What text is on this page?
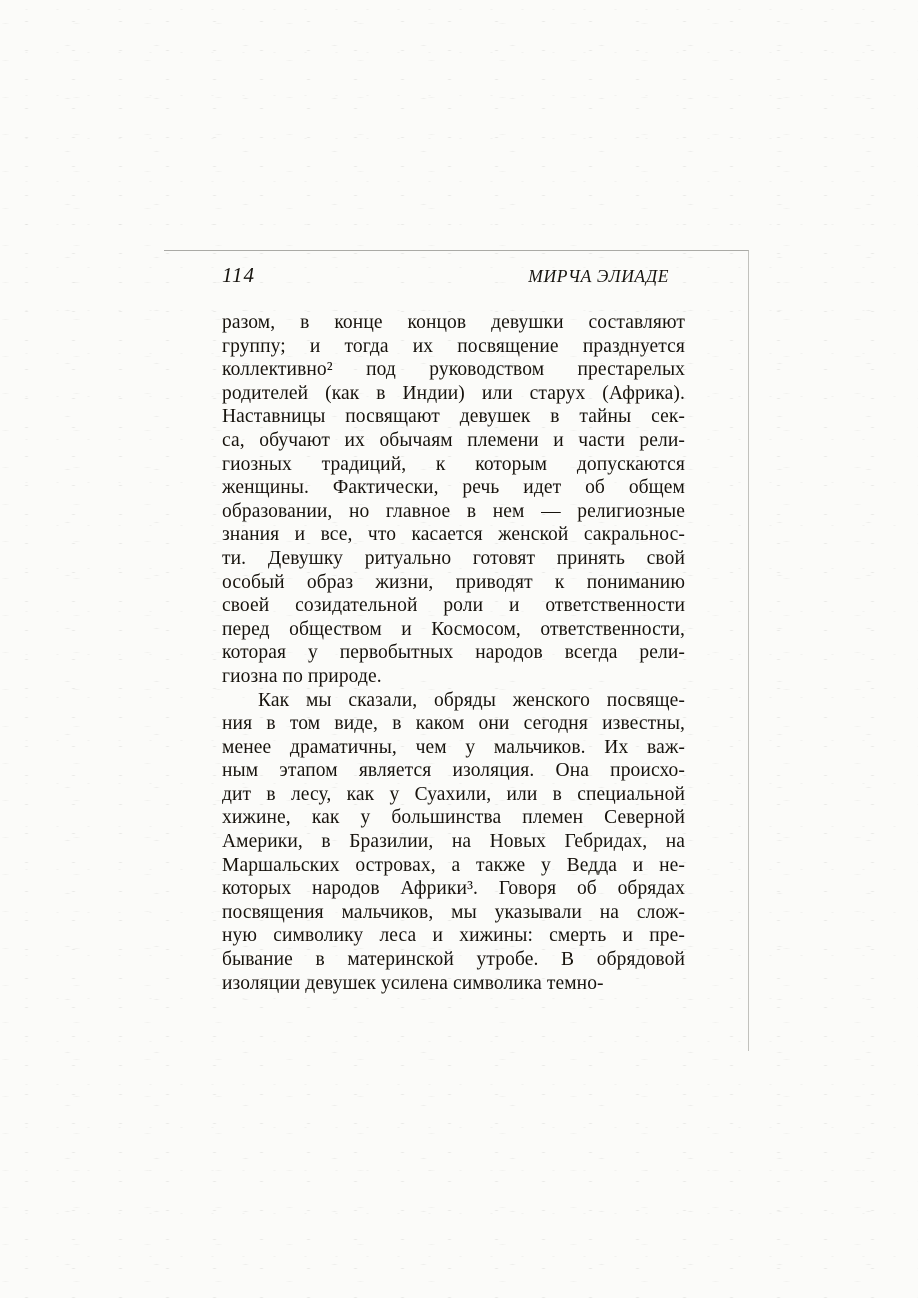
114	МИРЧА ЭЛИАДЕ
разом, в конце концов девушки составляют
группу; и тогда их посвящение празднуется
коллективно² под руководством престарелых
родителей (как в Индии) или старух (Африка).
Наставницы посвящают девушек в тайны сек-
са, обучают их обычаям племени и части рели-
гиозных традиций, к которым допускаются
женщины. Фактически, речь идет об общем
образовании, но главное в нем — религиозные
знания и все, что касается женской сакральнос-
ти. Девушку ритуально готовят принять свой
особый образ жизни, приводят к пониманию
своей созидательной роли и ответственности
перед обществом и Космосом, ответственности,
которая у первобытных народов всегда рели-
гиозна по природе.
Как мы сказали, обряды женского посвяще-
ния в том виде, в каком они сегодня известны,
менее драматичны, чем у мальчиков. Их важ-
ным этапом является изоляция. Она происхо-
дит в лесу, как у Суахили, или в специальной
хижине, как у большинства племен Северной
Америки, в Бразилии, на Новых Гебридах, на
Маршальских островах, а также у Ведда и не-
которых народов Африки³. Говоря об обрядах
посвящения мальчиков, мы указывали на слож-
ную символику леса и хижины: смерть и пре-
бывание в материнской утробе. В обрядовой
изоляции девушек усилена символика темно-
